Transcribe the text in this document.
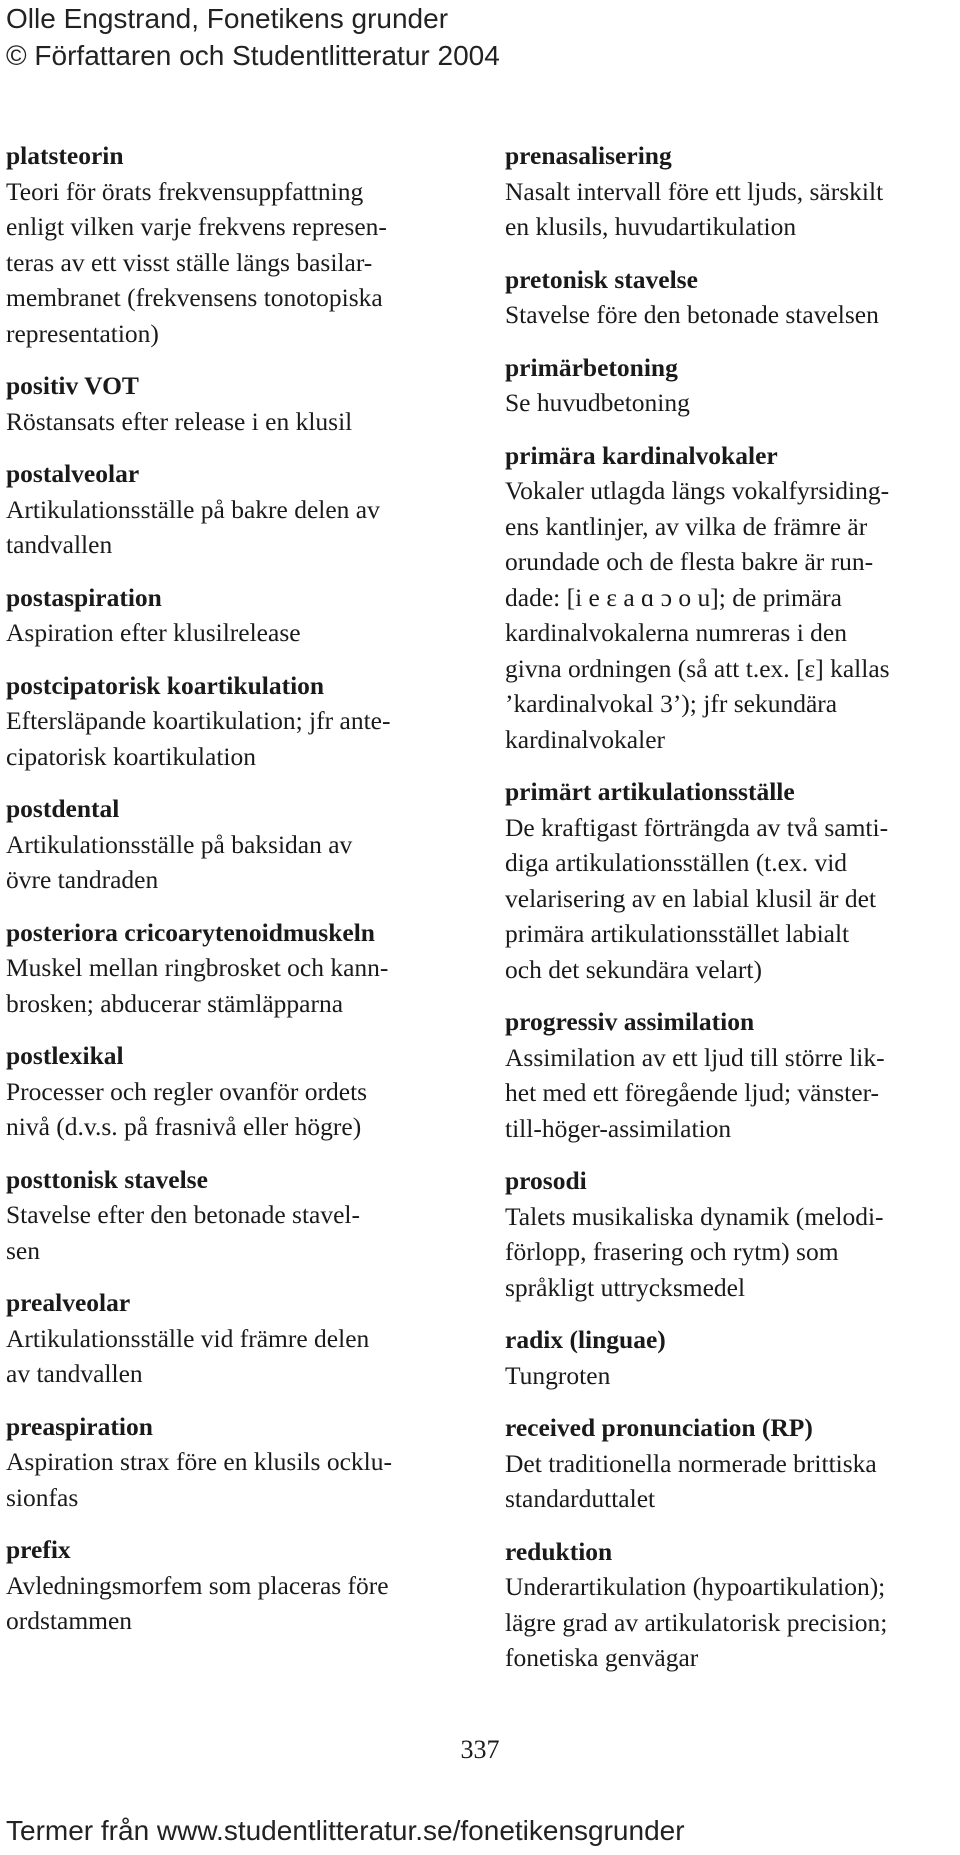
Olle Engstrand, Fonetikens grunder
© Författaren och Studentlitteratur 2004
platsteorin
Teori för örats frekvensuppfattning
enligt vilken varje frekvens represen-
teras av ett visst ställe längs basilar-
membranet (frekvensens tonotopiska
representation)
positiv VOT
Röstansats efter release i en klusil
postalveolar
Artikulationsställe på bakre delen av
tandvallen
postaspiration
Aspiration efter klusilrelease
postcipatorisk koartikulation
Eftersläpande koartikulation; jfr ante-
cipatorisk koartikulation
postdental
Artikulationsställe på baksidan av
övre tandraden
posteriora cricoarytenoidmuskeln
Muskel mellan ringbrosket och kann-
brosken; abducerar stämläpparna
postlexikal
Processer och regler ovanför ordets
nivå (d.v.s. på frasnivå eller högre)
posttonisk stavelse
Stavelse efter den betonade stavel-
sen
prealveolar
Artikulationsställe vid främre delen
av tandvallen
preaspiration
Aspiration strax före en klusils ocklu-
sionfas
prefix
Avledningsmorfem som placeras före
ordstammen
prenasalisering
Nasalt intervall före ett ljuds, särskilt
en klusils, huvudartikulation
pretonisk stavelse
Stavelse före den betonade stavelsen
primärbetoning
Se huvudbetoning
primära kardinalvokaler
Vokaler utlagda längs vokalfyrsiding-
ens kantlinjer, av vilka de främre är
orundade och de flesta bakre är run-
dade: [i e ɛ a ɑ ɔ o u]; de primära
kardinalvokalerna numreras i den
givna ordningen (så att t.ex. [ɛ] kallas
’kardinalvokal 3’); jfr sekundära
kardinalvokaler
primärt artikulationsställe
De kraftigast förträngda av två samti-
diga artikulationsställen (t.ex. vid
velarisering av en labial klusil är det
primära artikulationsstället labialt
och det sekundära velart)
progressiv assimilation
Assimilation av ett ljud till större lik-
het med ett föregående ljud; vänster-
till-höger-assimilation
prosodi
Talets musikaliska dynamik (melodi-
förlopp, frasering och rytm) som
språkligt uttrycksmedel
radix (linguae)
Tungroten
received pronunciation (RP)
Det traditionella normerade brittiska
standarduttalet
reduktion
Underartikulation (hypoartikulation);
lägre grad av artikulatorisk precision;
fonetiska genvägar
337
Termer från www.studentlitteratur.se/fonetikensgrunder
